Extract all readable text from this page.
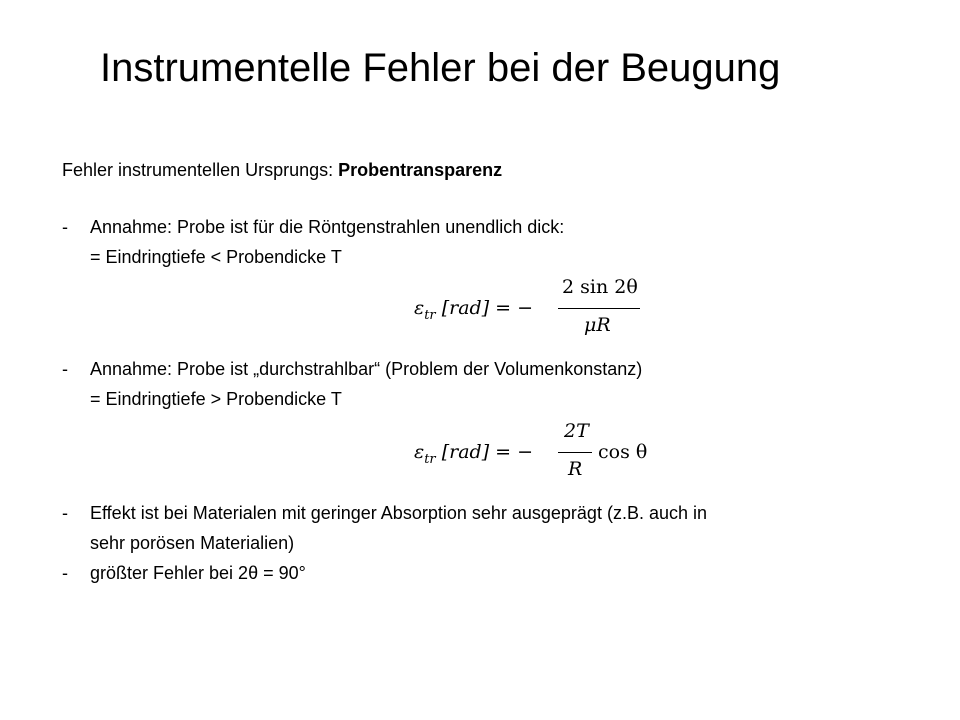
Instrumentelle Fehler bei der Beugung
Fehler instrumentellen Ursprungs: Probentransparenz
- Annahme: Probe ist für die Röntgenstrahlen unendlich dick:
= Eindringtiefe < Probendicke T
$\varepsilon_{tr}$ [rad] = −
2 sin 2θ
μR
- Annahme: Probe ist „durchstrahlbar“ (Problem der Volumenkonstanz)
= Eindringtiefe > Probendicke T
$\varepsilon_{tr}$ [rad] = −
2T
R
cos θ
- Effekt ist bei Materialen mit geringer Absorption sehr ausgeprägt (z.B. auch in
sehr porösen Materialien)
- größter Fehler bei 2θ = 90°
